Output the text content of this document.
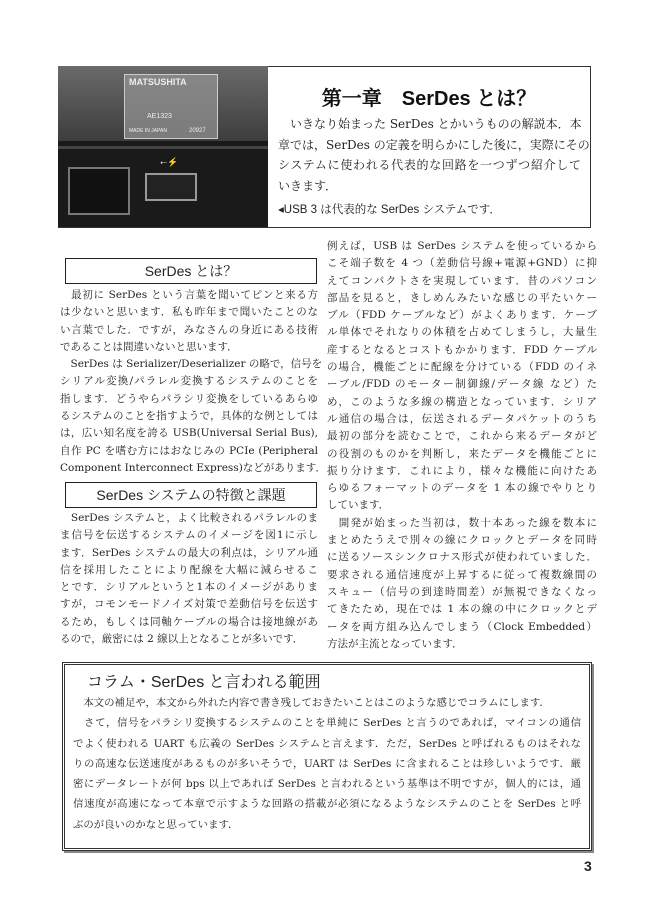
MATSUSHITA
AE1323
MADE IN JAPAN	20927
⭠⚡
第一章　SerDes とは？
　いきなり始まった SerDes とかいうものの解説本．本
章では，SerDes の定義を明らかにした後に，実際にその
システムに使われる代表的な回路を一つずつ紹介して
いきます．
◂USB 3 は代表的な SerDes システムです．
SerDes とは？
　最初に SerDes という言葉を聞いてピンと来る方
は少ないと思います．私も昨年まで聞いたことのな
い言葉でした．ですが，みなさんの身近にある技術
であることは間違いないと思います．
　SerDes は Serializer/Deserializer の略で，信号を
シリアル変換/パラレル変換するシステムのことを
指します．どうやらパラシリ変換をしているあらゆ
るシステムのことを指すようで，具体的な例としては
は，広い知名度を誇る USB(Universal Serial Bus),
自作 PC を嗜む方にはおなじみの PCIe (Peripheral
Component Interconnect Express)などがあります．
SerDes システムの特徴と課題
　SerDes システムと，よく比較されるパラレルのま
ま信号を伝送するシステムのイメージを図1に示し
ます．SerDes システムの最大の利点は，シリアル通
信を採用したことにより配線を大幅に減らせるこ
とです．シリアルというと1本のイメージがありま
すが，コモンモードノイズ対策で差動信号を伝送す
るため，もしくは同軸ケーブルの場合は接地線があ
るので，厳密には 2 線以上となることが多いです．
例えば，USB は SerDes システムを使っているから
こそ端子数を 4 つ（差動信号線+電源+GND）に抑
えてコンパクトさを実現しています．昔のパソコン
部品を見ると，きしめんみたいな感じの平たいケー
ブル（FDD ケーブルなど）がよくあります．ケーブ
ル単体でそれなりの体積を占めてしまうし，大量生
産するとなるとコストもかかります．FDD ケーブル
の場合，機能ごとに配線を分けている（FDD のイネ
ーブル/FDD のモーター制御線/データ線 など）た
め，このような多線の構造となっています．シリア
ル通信の場合は，伝送されるデータパケットのうち
最初の部分を読むことで，これから来るデータがど
の役割のものかを判断し，来たデータを機能ごとに
振り分けます．これにより，様々な機能に向けたあ
らゆるフォーマットのデータを 1 本の線でやりとり
しています．
　開発が始まった当初は，数十本あった線を数本に
まとめたうえで別々の線にクロックとデータを同時
に送るソースシンクロナス形式が使われていました．
要求される通信速度が上昇するに従って複数線間の
スキュー（信号の到達時間差）が無視できなくなっ
てきたため，現在では 1 本の線の中にクロックとデ
ータを両方組み込んでしまう（Clock Embedded）
方法が主流となっています．
コラム・SerDes と言われる範囲
　本文の補足や，本文から外れた内容で書き残しておきたいことはこのような感じでコラムにします．
　さて，信号をパラシリ変換するシステムのことを単純に SerDes と言うのであれば，マイコンの通信
でよく使われる UART も広義の SerDes システムと言えます．ただ，SerDes と呼ばれるものはそれな
りの高速な伝送速度があるものが多いそうで，UART は SerDes に含まれることは珍しいようです．厳
密にデータレートが何 bps 以上であれば SerDes と言われるという基準は不明ですが，個人的には，通
信速度が高速になって本章で示すような回路の搭載が必須になるようなシステムのことを SerDes と呼
ぶのが良いのかなと思っています．
3
